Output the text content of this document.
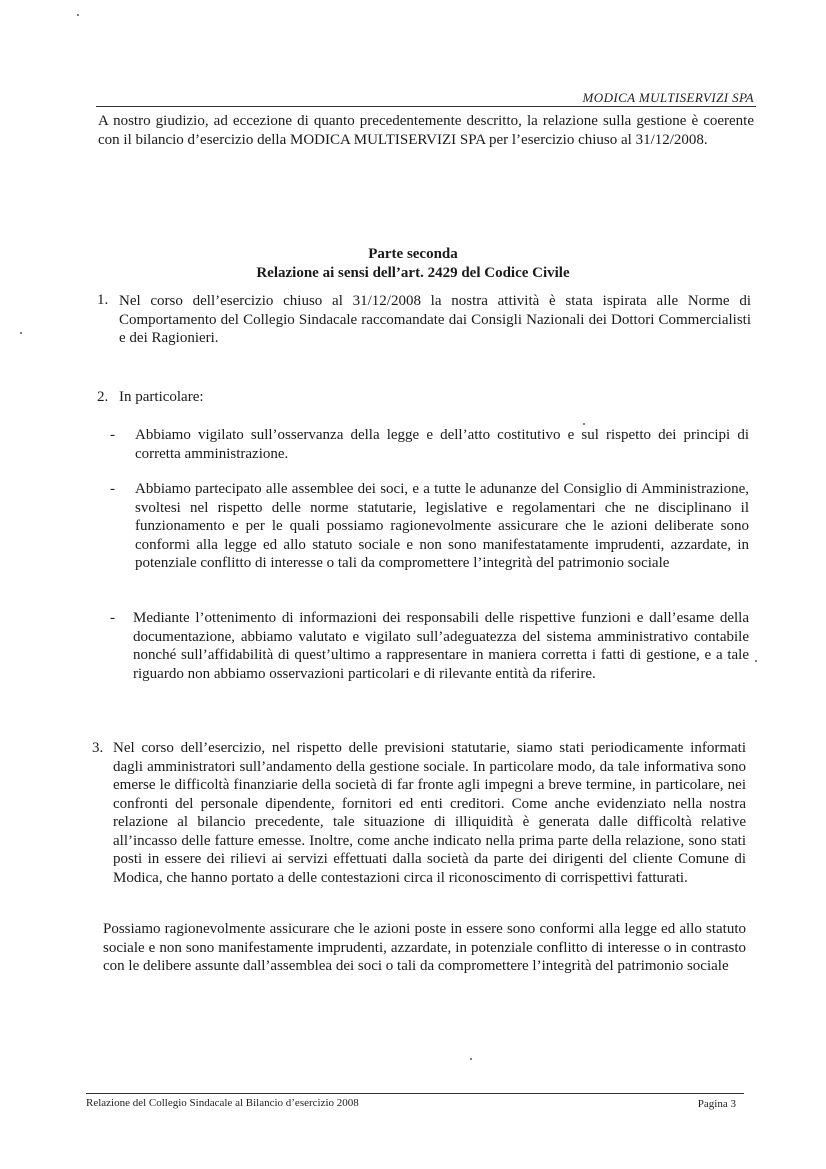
MODICA MULTISERVIZI SPA
A nostro giudizio, ad eccezione di quanto precedentemente descritto, la relazione sulla gestione è coerente con il bilancio d’esercizio della MODICA MULTISERVIZI SPA per l’esercizio chiuso al 31/12/2008.
Parte seconda
Relazione ai sensi dell’art. 2429 del Codice Civile
1. Nel corso dell’esercizio chiuso al 31/12/2008 la nostra attività è stata ispirata alle Norme di Comportamento del Collegio Sindacale raccomandate dai Consigli Nazionali dei Dottori Commercialisti e dei Ragionieri.
2. In particolare:
- Abbiamo vigilato sull’osservanza della legge e dell’atto costitutivo e sul rispetto dei principi di corretta amministrazione.
- Abbiamo partecipato alle assemblee dei soci, e a tutte le adunanze del Consiglio di Amministrazione, svoltesi nel rispetto delle norme statutarie, legislative e regolamentari che ne disciplinano il funzionamento e per le quali possiamo ragionevolmente assicurare che le azioni deliberate sono conformi alla legge ed allo statuto sociale e non sono manifestatamente imprudenti, azzardate, in potenziale conflitto di interesse o tali da compromettere l’integrità del patrimonio sociale
- Mediante l’ottenimento di informazioni dei responsabili delle rispettive funzioni e dall’esame della documentazione, abbiamo valutato e vigilato sull’adeguatezza del sistema amministrativo contabile nonché sull’affidabilità di quest’ultimo a rappresentare in maniera corretta i fatti di gestione, e a tale riguardo non abbiamo osservazioni particolari e di rilevante entità da riferire.
3. Nel corso dell’esercizio, nel rispetto delle previsioni statutarie, siamo stati periodicamente informati dagli amministratori sull’andamento della gestione sociale. In particolare modo, da tale informativa sono emerse le difficoltà finanziarie della società di far fronte agli impegni a breve termine, in particolare, nei confronti del personale dipendente, fornitori ed enti creditori. Come anche evidenziato nella nostra relazione al bilancio precedente, tale situazione di illiquidità è generata dalle difficoltà relative all’incasso delle fatture emesse. Inoltre, come anche indicato nella prima parte della relazione, sono stati posti in essere dei rilievi ai servizi effettuati dalla società da parte dei dirigenti del cliente Comune di Modica, che hanno portato a delle contestazioni circa il riconoscimento di corrispettivi fatturati.
Possiamo ragionevolmente assicurare che le azioni poste in essere sono conformi alla legge ed allo statuto sociale e non sono manifestamente imprudenti, azzardate, in potenziale conflitto di interesse o in contrasto con le delibere assunte dall’assemblea dei soci o tali da compromettere l’integrità del patrimonio sociale
Relazione del Collegio Sindacale al Bilancio d’esercizio 2008	Pagina 3
